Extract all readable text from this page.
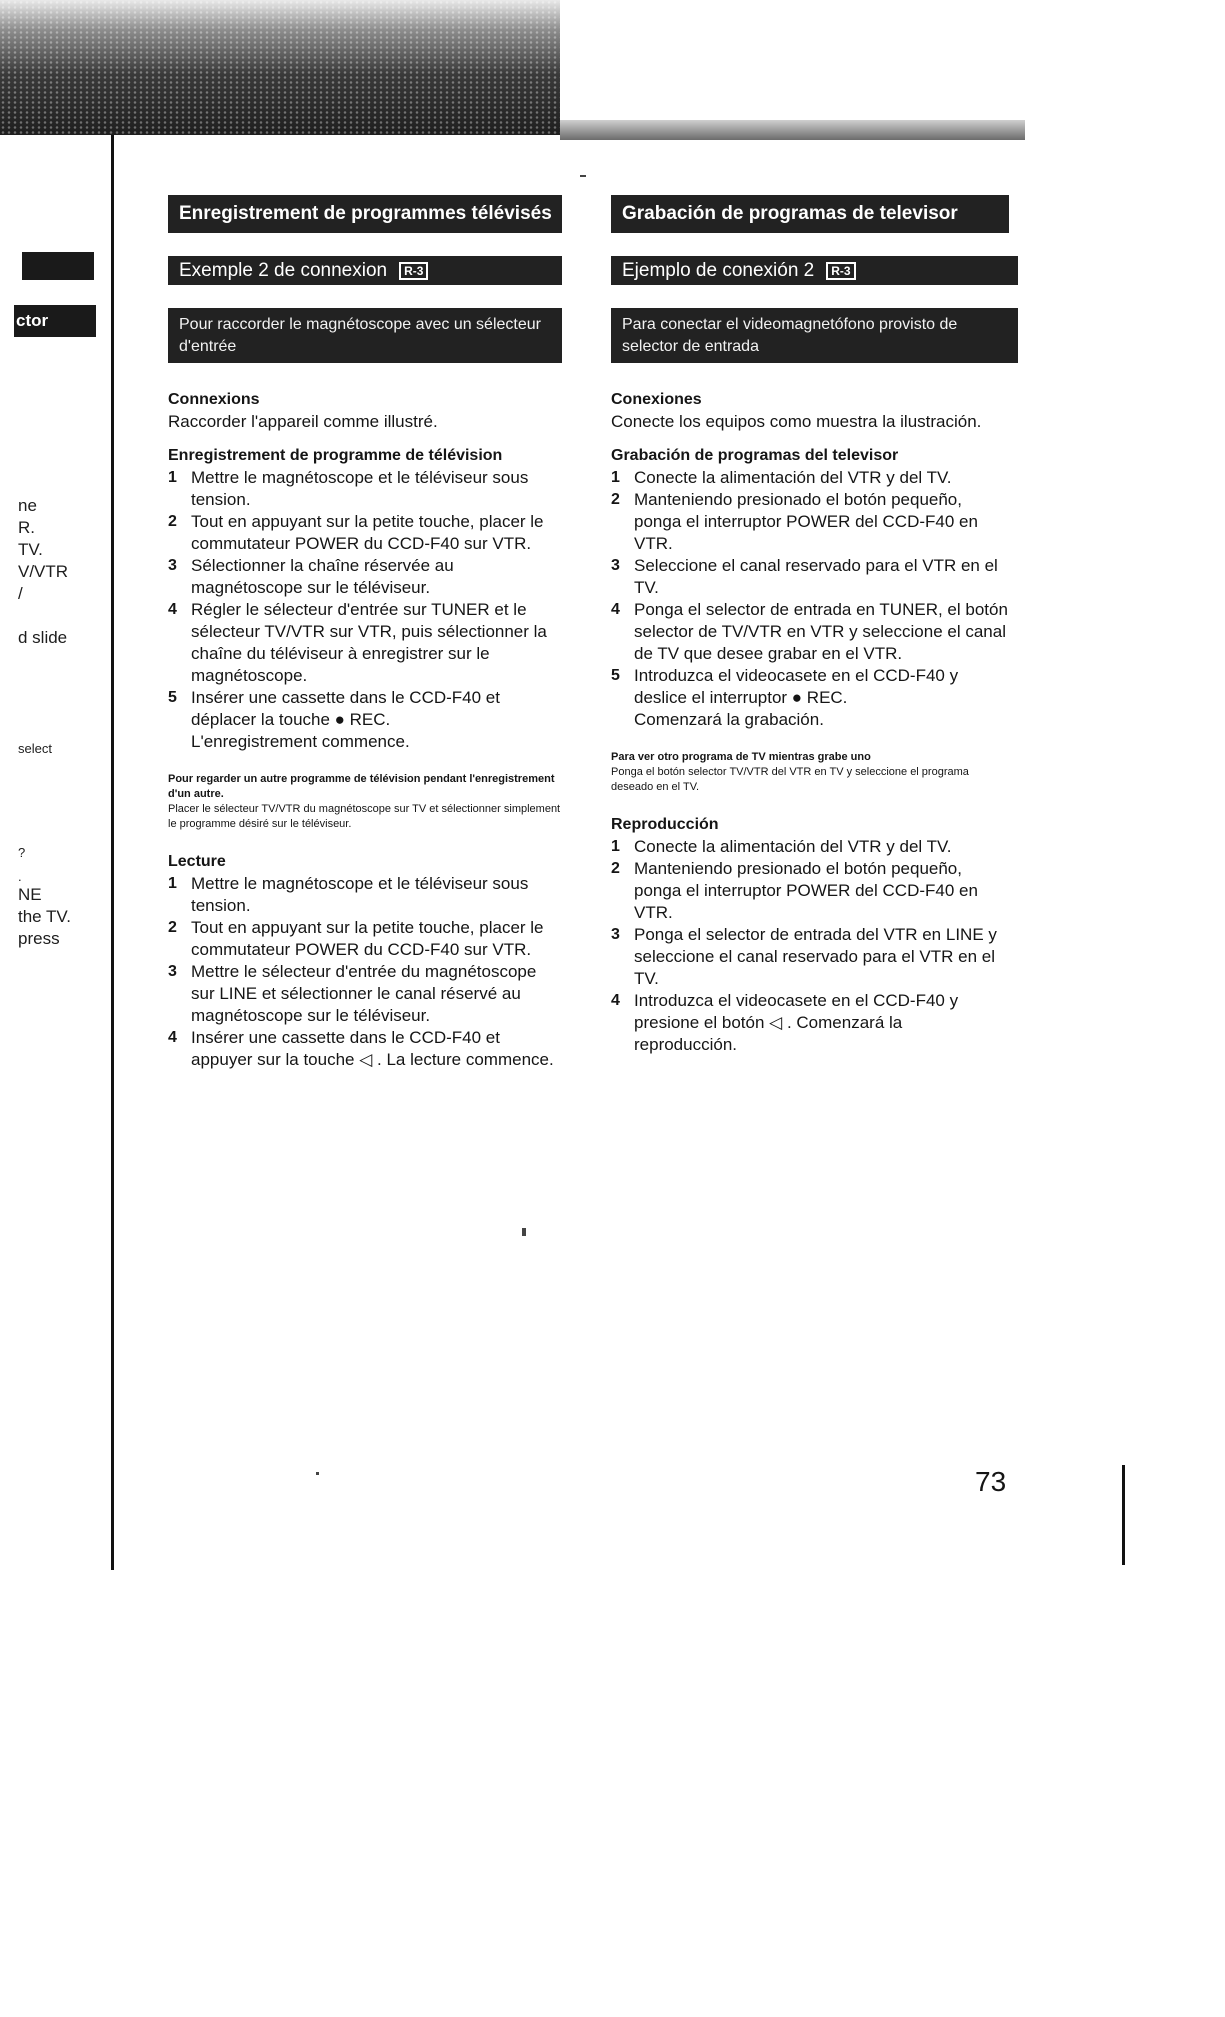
ctor
ne
R.
TV.
V/VTR
/
d slide
select
?
.
NE
the TV.
press
Enregistrement de programmes télévisés
Exemple 2 de connexion	R-3
Pour raccorder le magnétoscope avec un sélecteur d'entrée
Connexions

Raccorder l'appareil comme illustré.

Enregistrement de programme de télévision
1 Mettre le magnétoscope et le téléviseur sous tension.
2 Tout en appuyant sur la petite touche, placer le commutateur POWER du CCD-F40 sur VTR.
3 Sélectionner la chaîne réservée au magnétoscope sur le téléviseur.
4 Régler le sélecteur d'entrée sur TUNER et le sélecteur TV/VTR sur VTR, puis sélectionner la chaîne du téléviseur à enregistrer sur le magnétoscope.
5 Insérer une cassette dans le CCD-F40 et déplacer la touche ● REC.
L'enregistrement commence.

Pour regarder un autre programme de télévision pendant l'enregistrement d'un autre.

Placer le sélecteur TV/VTR du magnétoscope sur TV et sélectionner simplement le programme désiré sur le téléviseur.

Lecture
1 Mettre le magnétoscope et le téléviseur sous tension.
2 Tout en appuyant sur la petite touche, placer le commutateur POWER du CCD-F40 sur VTR.
3 Mettre le sélecteur d'entrée du magnétoscope sur LINE et sélectionner le canal réservé au magnétoscope sur le téléviseur.
4 Insérer une cassette dans le CCD-F40 et appuyer sur la touche ◁ . La lecture commence.
Grabación de programas de televisor
Ejemplo de conexión 2	R-3
Para conectar el videomagnetófono provisto de selector de entrada
Conexiones

Conecte los equipos como muestra la ilustración.

Grabación de programas del televisor
1 Conecte la alimentación del VTR y del TV.
2 Manteniendo presionado el botón pequeño, ponga el interruptor POWER del CCD-F40 en VTR.
3 Seleccione el canal reservado para el VTR en el TV.
4 Ponga el selector de entrada en TUNER, el botón selector de TV/VTR en VTR y seleccione el canal de TV que desee grabar en el VTR.
5 Introduzca el videocasete en el CCD-F40 y deslice el interruptor ● REC.
Comenzará la grabación.

Para ver otro programa de TV mientras grabe uno

Ponga el botón selector TV/VTR del VTR en TV y seleccione el programa deseado en el TV.

Reproducción
1 Conecte la alimentación del VTR y del TV.
2 Manteniendo presionado el botón pequeño, ponga el interruptor POWER del CCD-F40 en VTR.
3 Ponga el selector de entrada del VTR en LINE y seleccione el canal reservado para el VTR en el TV.
4 Introduzca el videocasete en el CCD-F40 y presione el botón ◁ . Comenzará la reproducción.
73
